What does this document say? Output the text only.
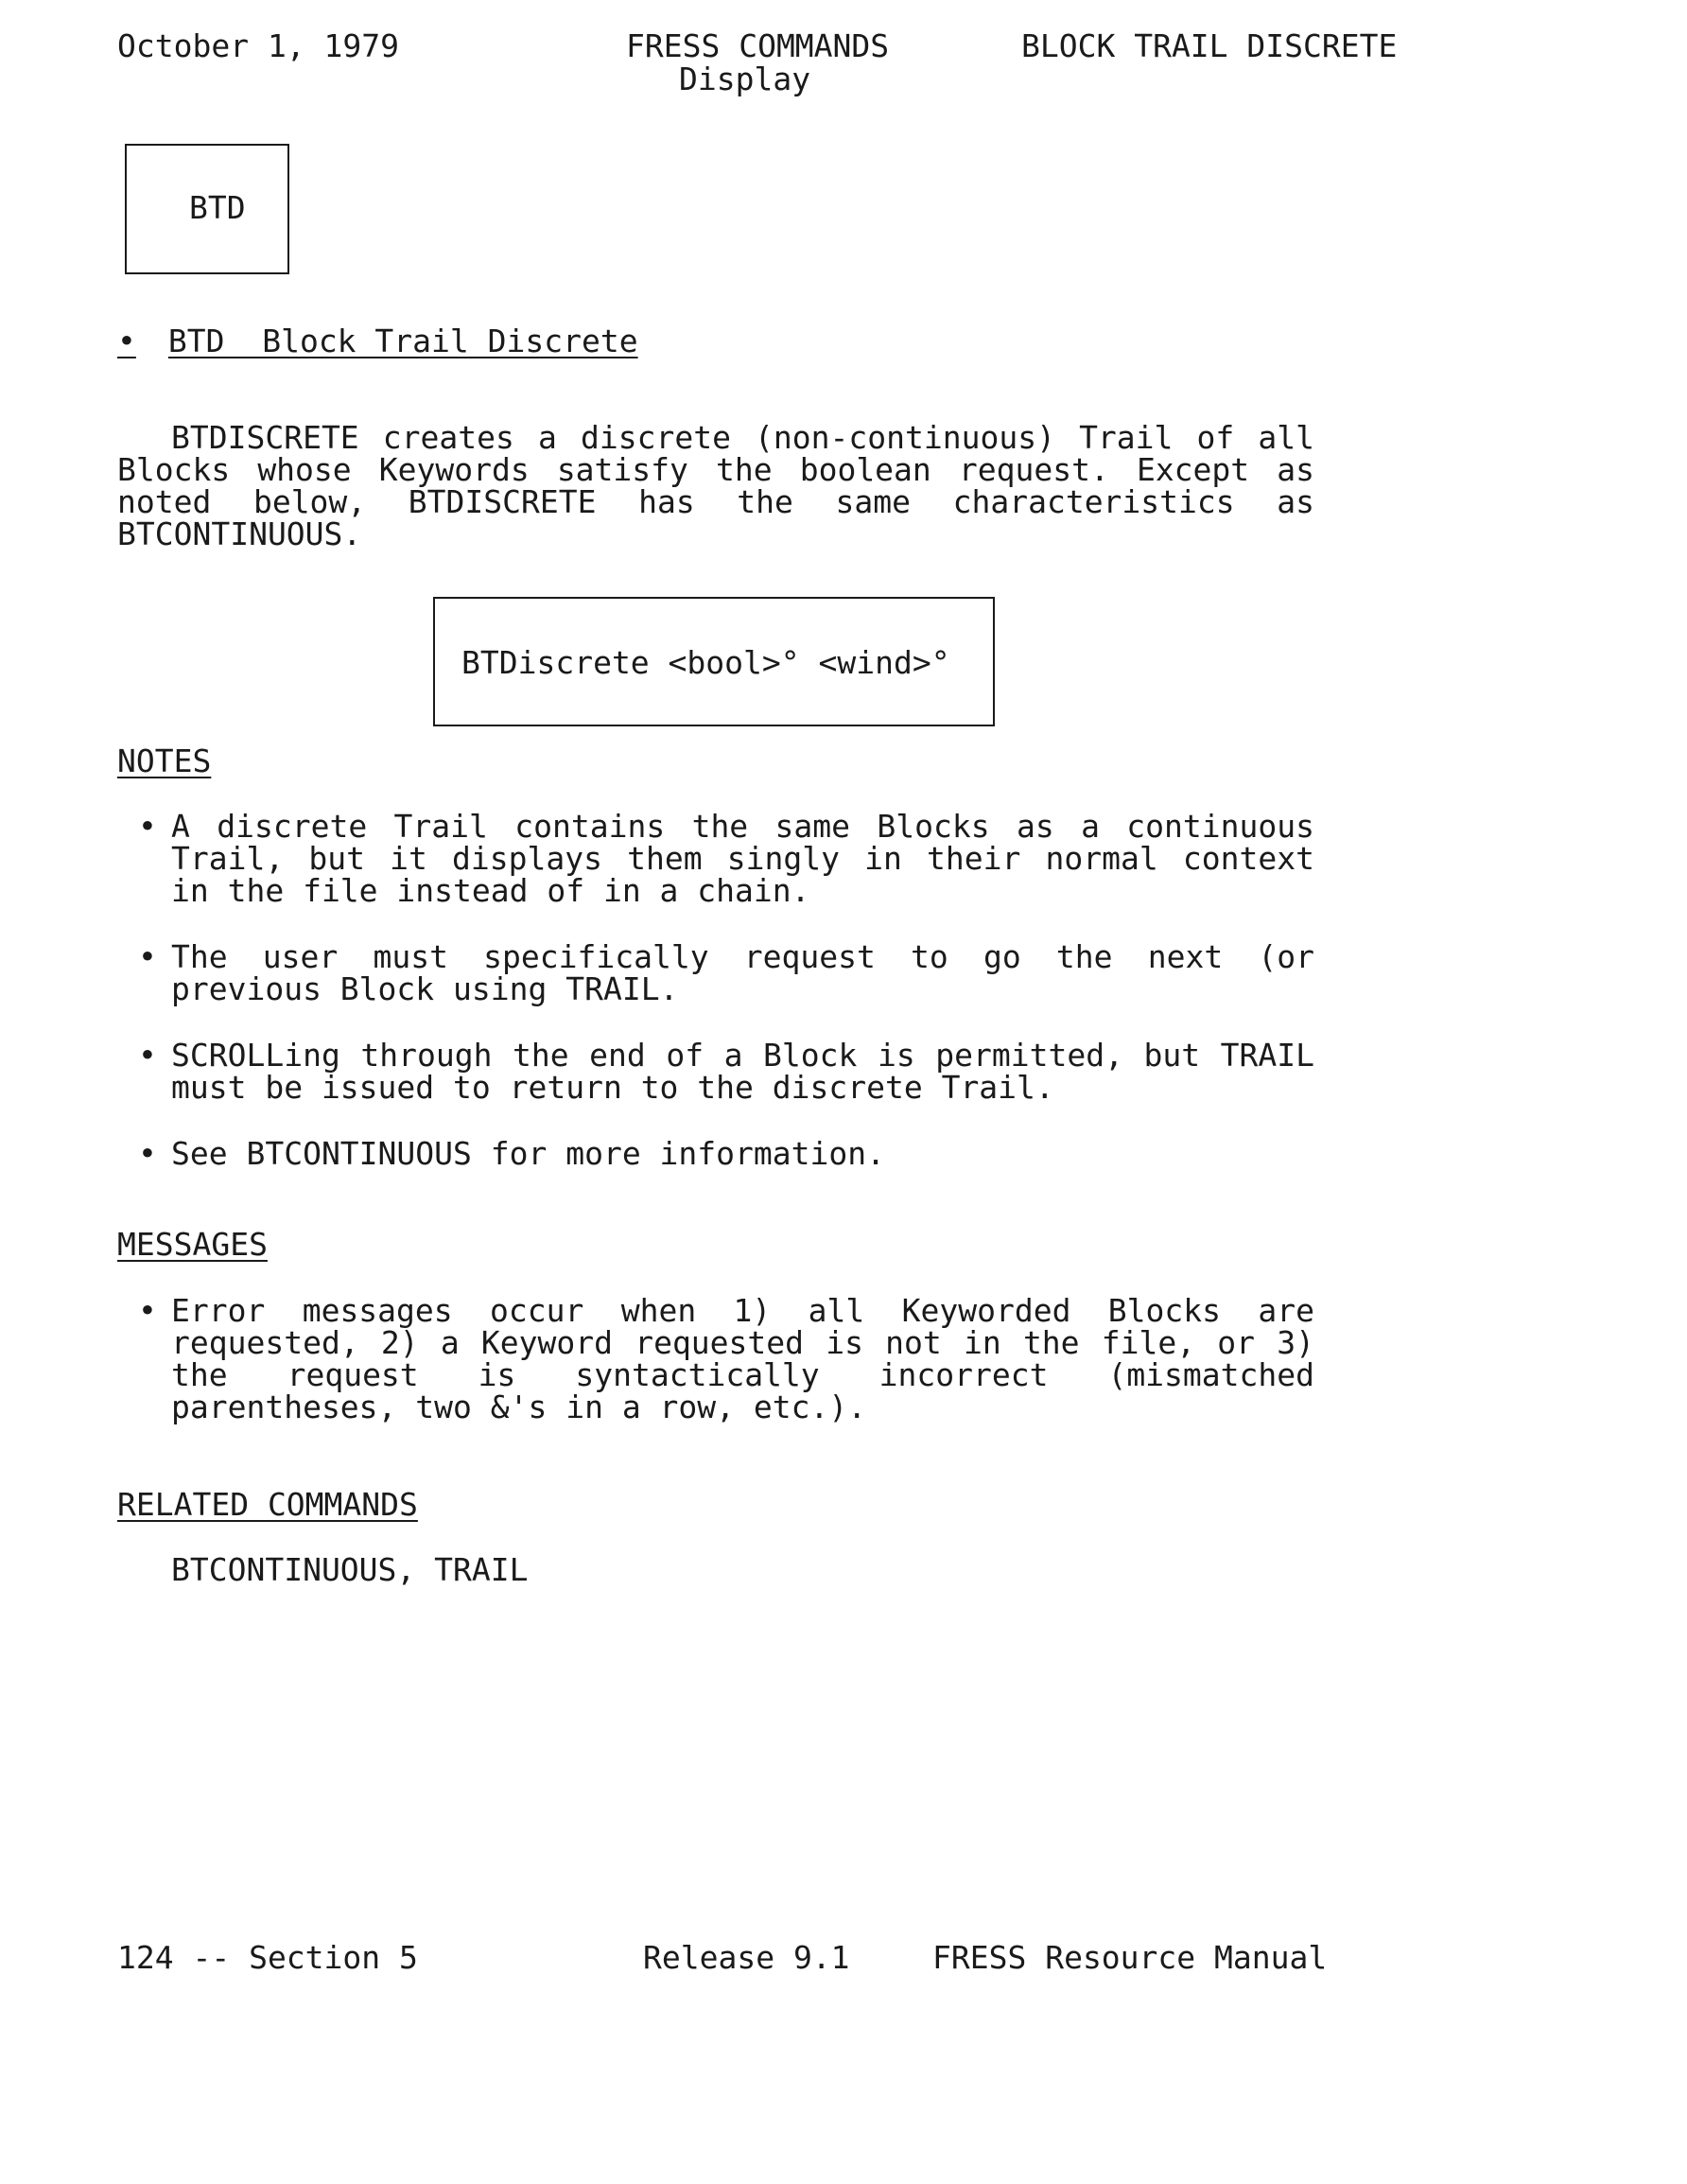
October 1, 1979	FRESS COMMANDS
Display
BLOCK TRAIL DISCRETE
BTD
• BTD  Block Trail Discrete
BTDISCRETE creates a discrete (non-continuous) Trail of all Blocks whose Keywords satisfy the boolean request. Except as noted below, BTDISCRETE has the same characteristics as BTCONTINUOUS.
BTDiscrete <bool>° <wind>°
NOTES
• A discrete Trail contains the same Blocks as a continuous Trail, but it displays them singly in their normal context in the file instead of in a chain.
• The user must specifically request to go the next (or previous Block using TRAIL.
• SCROLLing through the end of a Block is permitted, but TRAIL must be issued to return to the discrete Trail.
• See BTCONTINUOUS for more information.
MESSAGES
• Error messages occur when 1) all Keyworded Blocks are requested, 2) a Keyword requested is not in the file, or 3) the request is syntactically incorrect (mismatched parentheses, two &'s in a row, etc.).
RELATED COMMANDS
BTCONTINUOUS, TRAIL
124 -- Section 5	Release 9.1	FRESS Resource Manual
